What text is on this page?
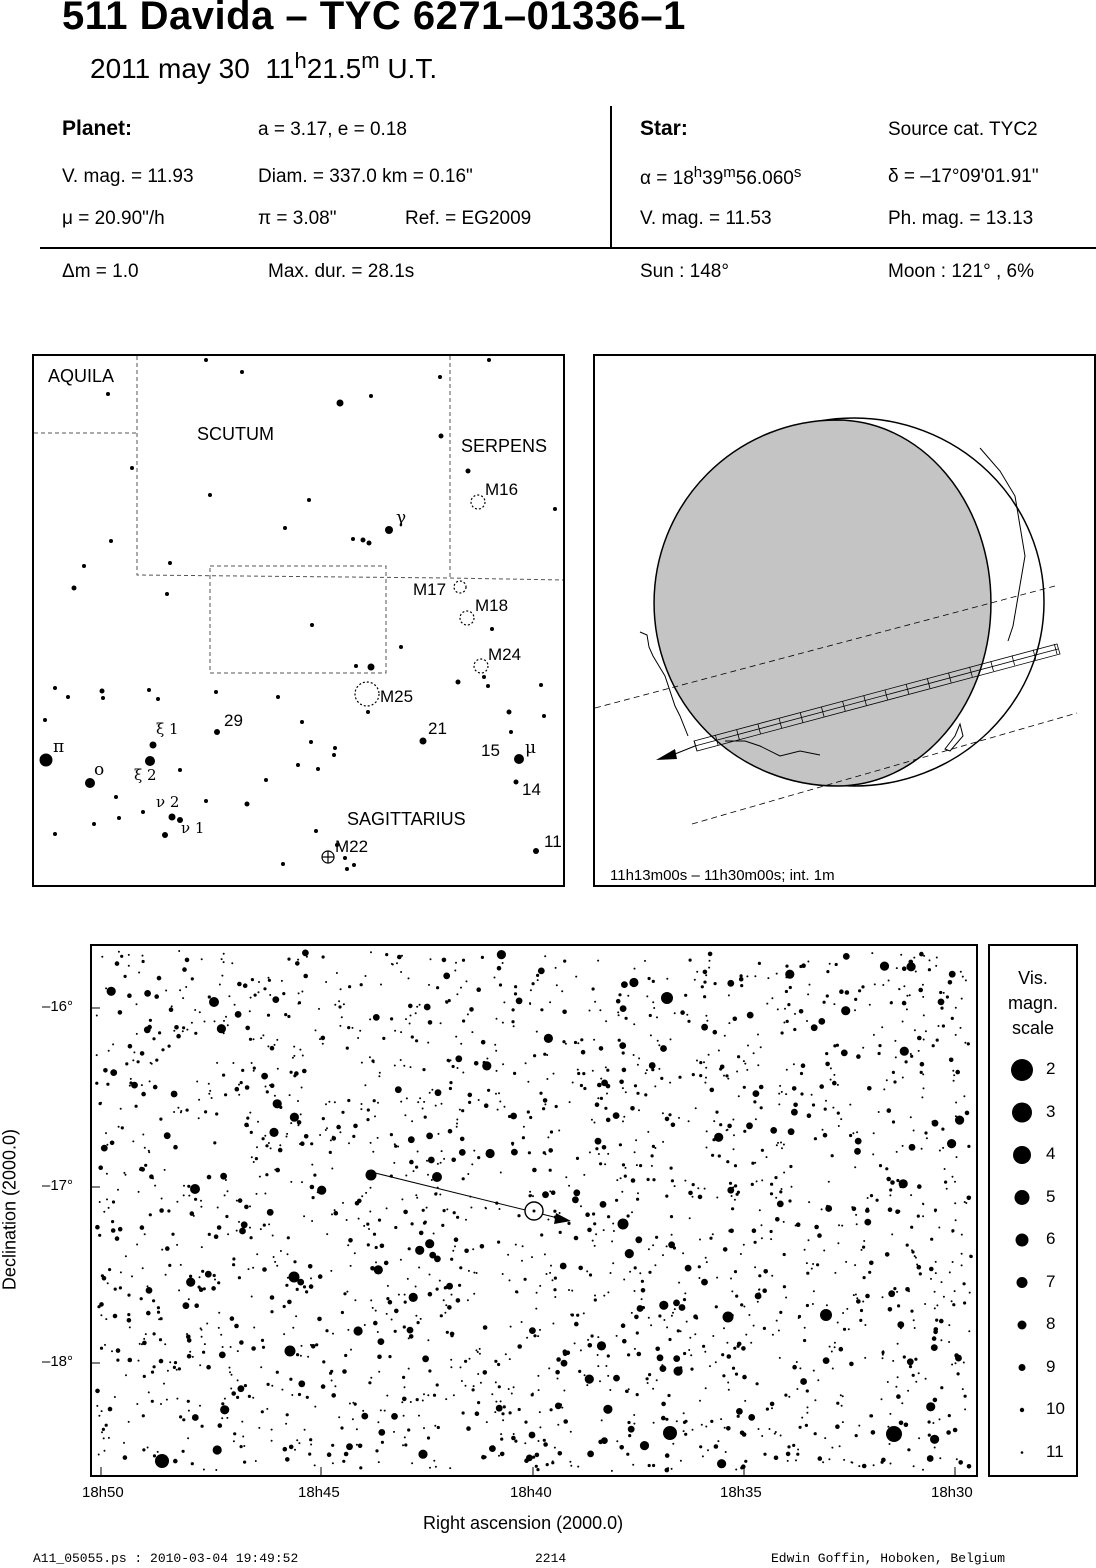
511 Davida – TYC 6271–01336–1
2011 may 30 11$^h$21.5$^m$ U.T.
Planet:	a = 3.17, e = 0.18
V. mag. = 11.93	Diam. = 337.0 km = 0.16"
μ = 20.90"/h	π = 3.08"	Ref. = EG2009
Star:	Source cat. TYC2
$\alpha = 18^h39^m56.060^s$	δ = –17°09'01.91"
V. mag. = 11.53	Ph. mag. = 13.13
Δm = 1.0	Max. dur. = 28.1s	Sun : 148°	Moon : 121° , 6%
AQUILA
SCUTUM
SERPENS
SAGITTARIUS
M16
M17
M18
M24
M25
M22
γ
ξ 1
ξ 2
π
ο
ν 2
ν 1
29	21
15 μ
14
11
11h13m00s – 11h30m00s; int. 1m
–16°
–17°
–18°
18h50	18h45	18h40	18h35	18h30
Right ascension (2000.0)
Declination (2000.0)
Vis.
magn.
scale
2
3
4
5
6
7
8
9
10
11
A11_05055.ps : 2010-03-04 19:49:52	2214	Edwin Goffin, Hoboken, Belgium
